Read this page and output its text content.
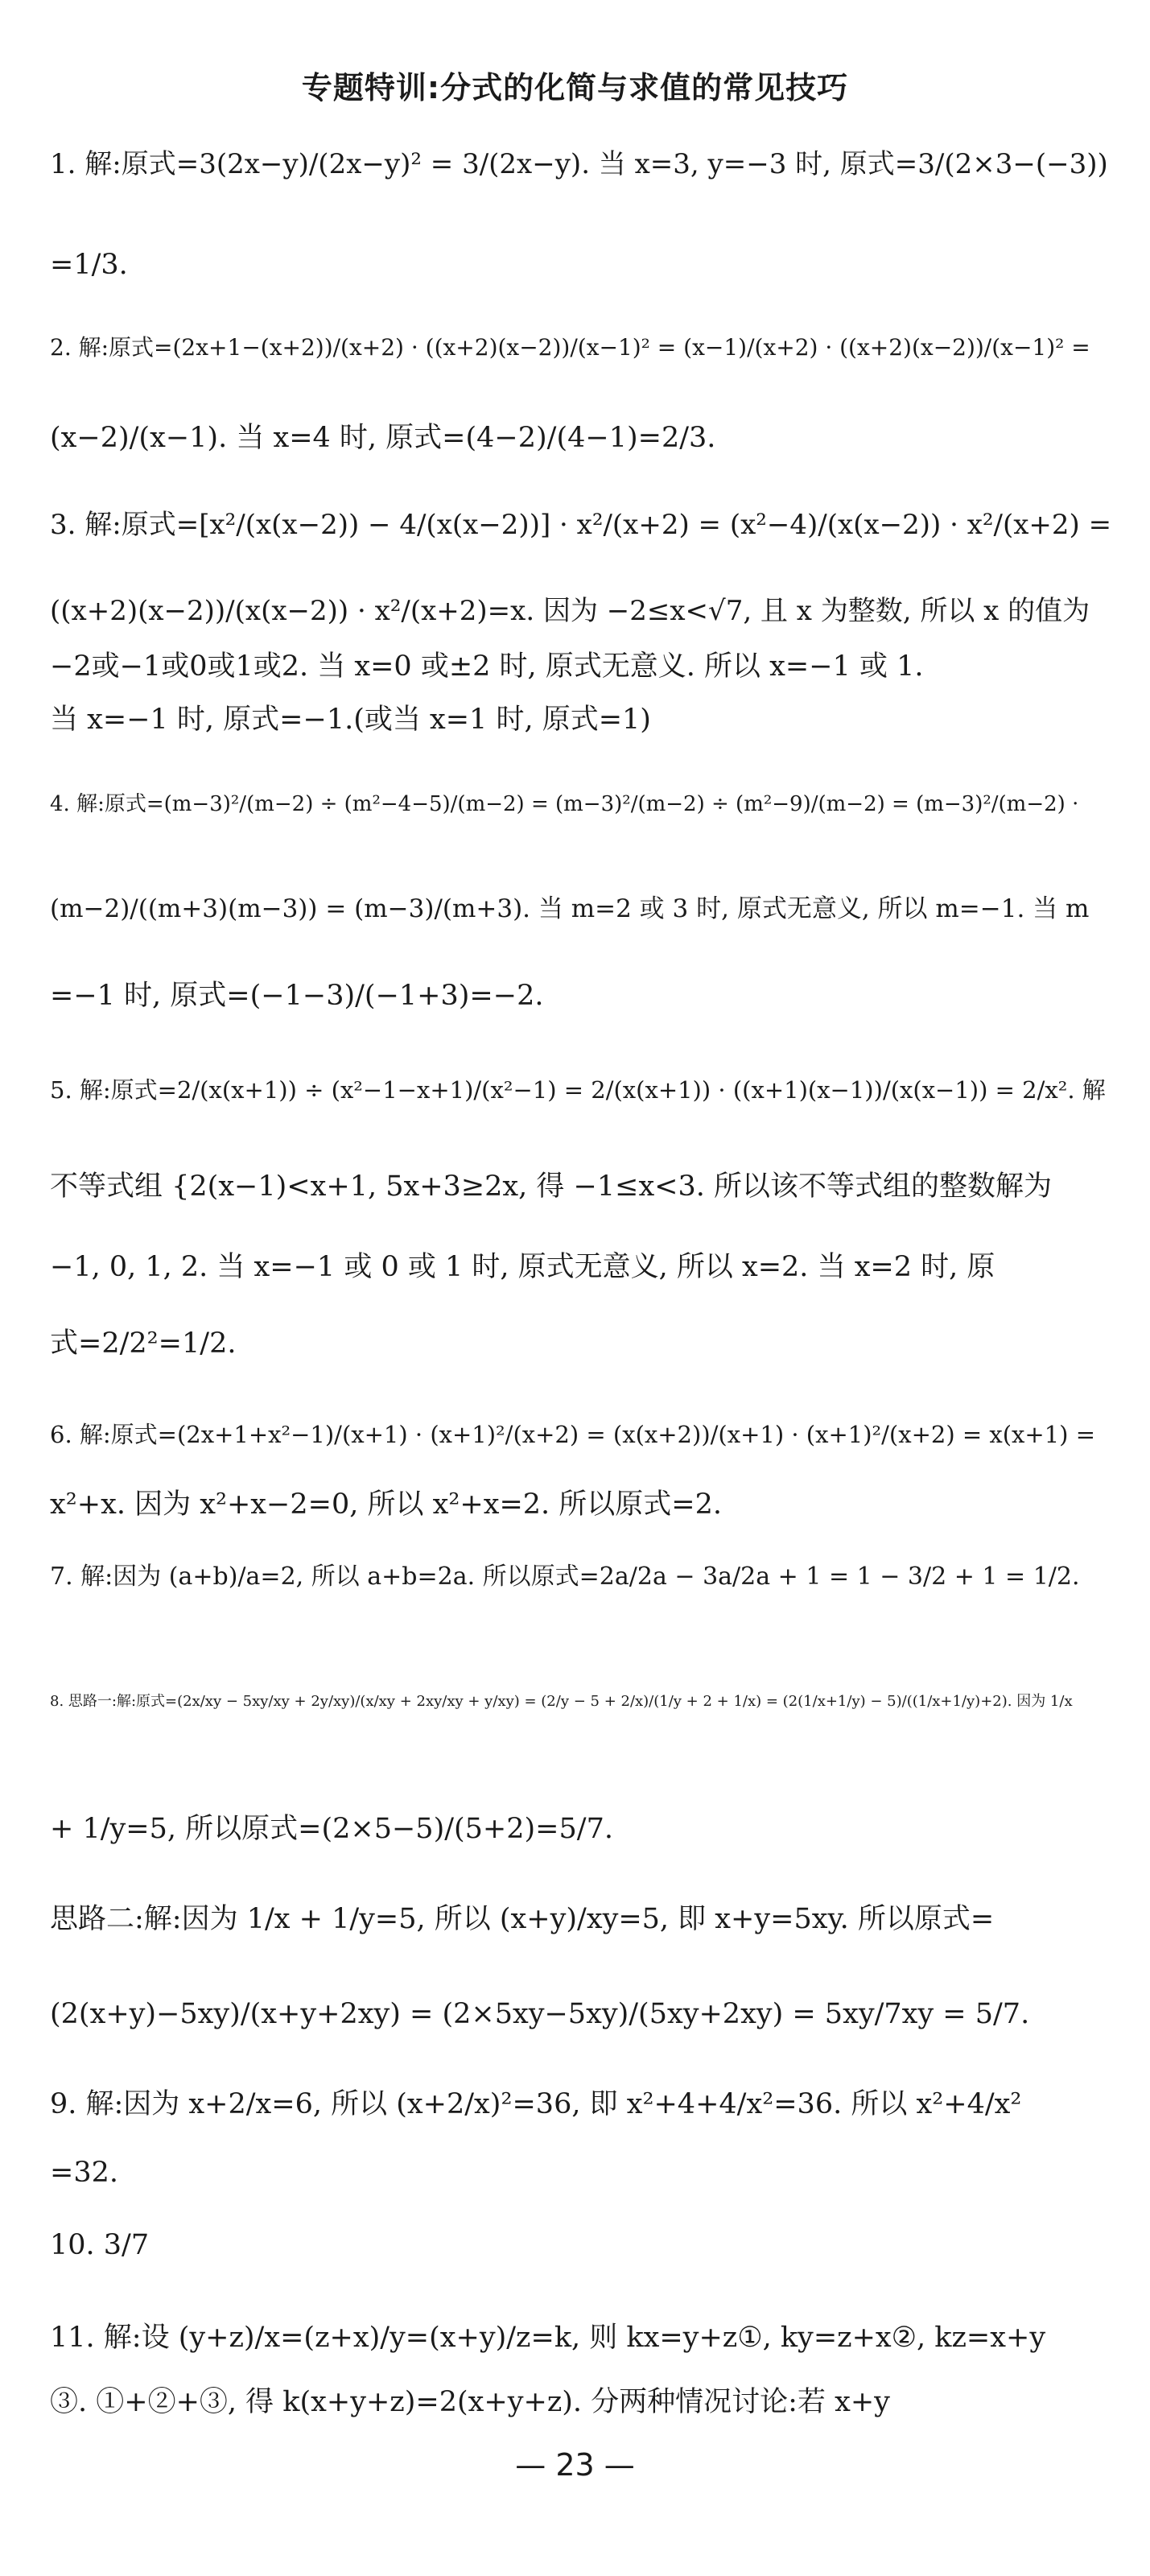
专题特训:分式的化简与求值的常见技巧
1. 解:原式=3(2x−y)/(2x−y)² = 3/(2x−y). 当 x=3, y=−3 时, 原式=3/(2×3−(−3))
=1/3.
2. 解:原式=(2x+1−(x+2))/(x+2) · ((x+2)(x−2))/(x−1)² = (x−1)/(x+2) · ((x+2)(x−2))/(x−1)² =
(x−2)/(x−1). 当 x=4 时, 原式=(4−2)/(4−1)=2/3.
3. 解:原式=[x²/(x(x−2)) − 4/(x(x−2))] · x²/(x+2) = (x²−4)/(x(x−2)) · x²/(x+2) =
((x+2)(x−2))/(x(x−2)) · x²/(x+2)=x. 因为 −2≤x<√7, 且 x 为整数, 所以 x 的值为
−2或−1或0或1或2. 当 x=0 或±2 时, 原式无意义. 所以 x=−1 或 1.
当 x=−1 时, 原式=−1.(或当 x=1 时, 原式=1)
4. 解:原式=(m−3)²/(m−2) ÷ (m²−4−5)/(m−2) = (m−3)²/(m−2) ÷ (m²−9)/(m−2) = (m−3)²/(m−2) ·
(m−2)/((m+3)(m−3)) = (m−3)/(m+3). 当 m=2 或 3 时, 原式无意义, 所以 m=−1. 当 m
=−1 时, 原式=(−1−3)/(−1+3)=−2.
5. 解:原式=2/(x(x+1)) ÷ (x²−1−x+1)/(x²−1) = 2/(x(x+1)) · ((x+1)(x−1))/(x(x−1)) = 2/x². 解
不等式组 {2(x−1)<x+1, 5x+3≥2x, 得 −1≤x<3. 所以该不等式组的整数解为
−1, 0, 1, 2. 当 x=−1 或 0 或 1 时, 原式无意义, 所以 x=2. 当 x=2 时, 原
式=2/2²=1/2.
6. 解:原式=(2x+1+x²−1)/(x+1) · (x+1)²/(x+2) = (x(x+2))/(x+1) · (x+1)²/(x+2) = x(x+1) =
x²+x. 因为 x²+x−2=0, 所以 x²+x=2. 所以原式=2.
7. 解:因为 (a+b)/a=2, 所以 a+b=2a. 所以原式=2a/2a − 3a/2a + 1 = 1 − 3/2 + 1 = 1/2.
8. 思路一:解:原式=(2x/xy − 5xy/xy + 2y/xy)/(x/xy + 2xy/xy + y/xy) = (2/y − 5 + 2/x)/(1/y + 2 + 1/x) = (2(1/x+1/y) − 5)/((1/x+1/y)+2). 因为 1/x
+ 1/y=5, 所以原式=(2×5−5)/(5+2)=5/7.
思路二:解:因为 1/x + 1/y=5, 所以 (x+y)/xy=5, 即 x+y=5xy. 所以原式=
(2(x+y)−5xy)/(x+y+2xy) = (2×5xy−5xy)/(5xy+2xy) = 5xy/7xy = 5/7.
9. 解:因为 x+2/x=6, 所以 (x+2/x)²=36, 即 x²+4+4/x²=36. 所以 x²+4/x²
=32.
10. 3/7
11. 解:设 (y+z)/x=(z+x)/y=(x+y)/z=k, 则 kx=y+z①, ky=z+x②, kz=x+y
③. ①+②+③, 得 k(x+y+z)=2(x+y+z). 分两种情况讨论:若 x+y
— 23 —
